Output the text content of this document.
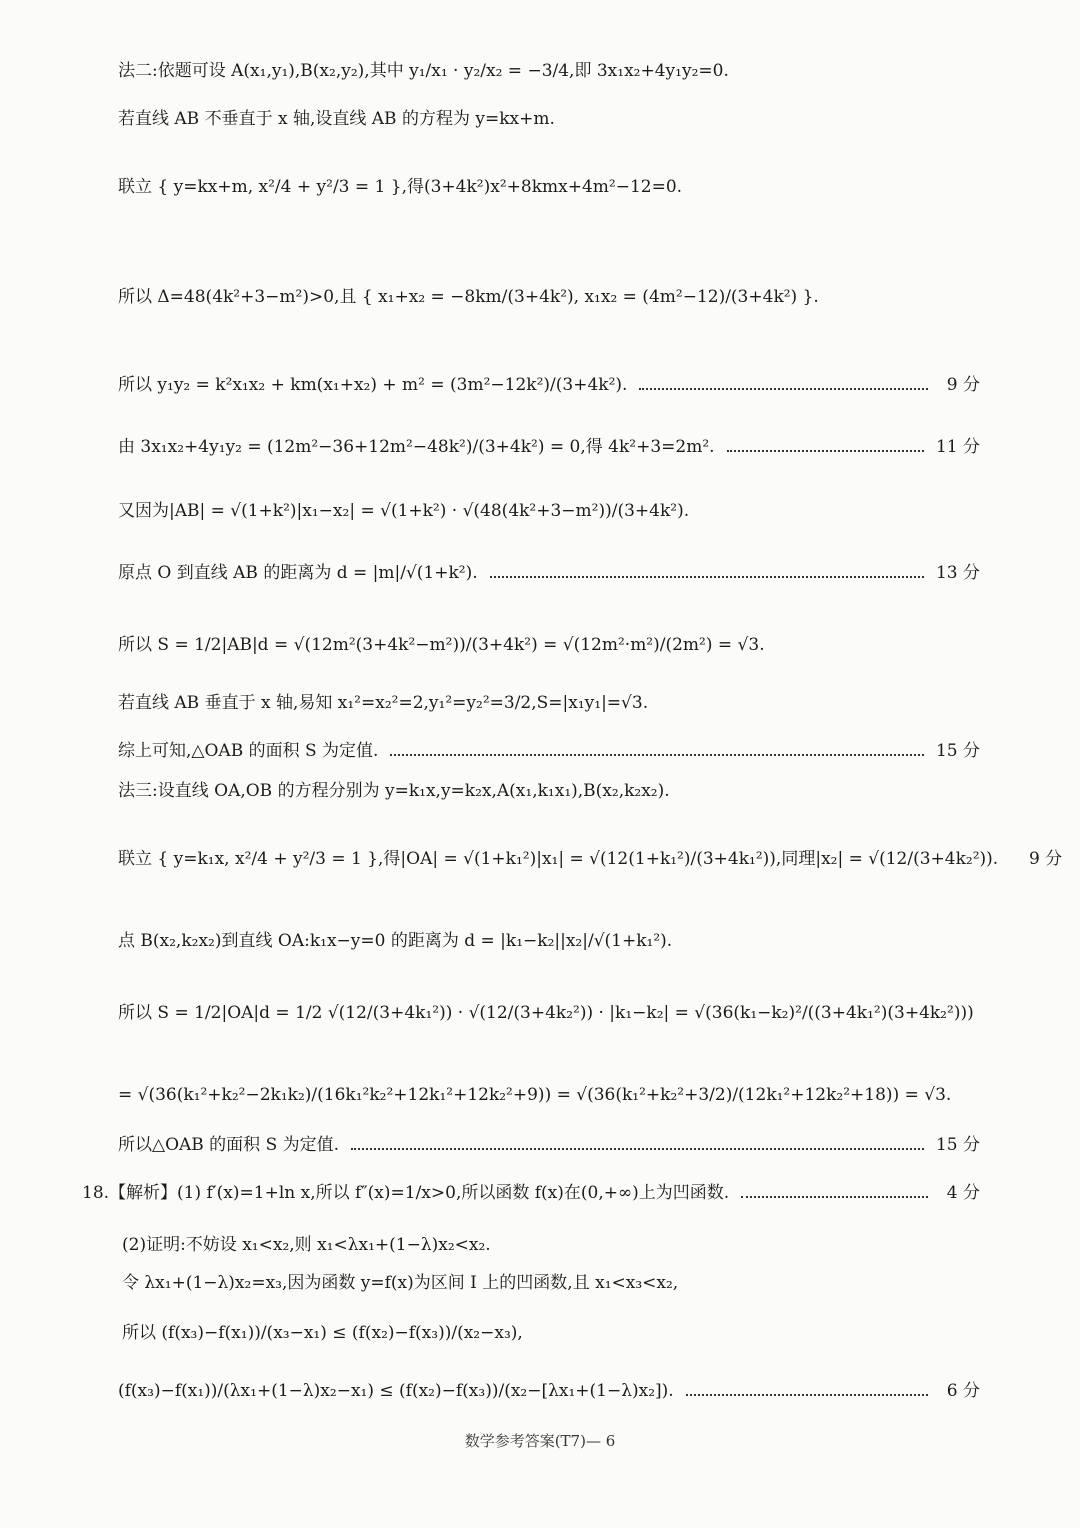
法二:依题可设 A(x₁,y₁),B(x₂,y₂),其中 y₁/x₁ · y₂/x₂ = −3/4,即 3x₁x₂+4y₁y₂=0.
若直线 AB 不垂直于 x 轴,设直线 AB 的方程为 y=kx+m.
联立 { y=kx+m, x²/4 + y²/3 = 1 },得(3+4k²)x²+8kmx+4m²−12=0.
所以 Δ=48(4k²+3−m²)>0,且 { x₁+x₂ = −8km/(3+4k²), x₁x₂ = (4m²−12)/(3+4k²) }.
所以 y₁y₂ = k²x₁x₂ + km(x₁+x₂) + m² = (3m²−12k²)/(3+4k²).	9 分
由 3x₁x₂+4y₁y₂ = (12m²−36+12m²−48k²)/(3+4k²) = 0,得 4k²+3=2m².	11 分
又因为|AB| = √(1+k²)|x₁−x₂| = √(1+k²) · √(48(4k²+3−m²))/(3+4k²).
原点 O 到直线 AB 的距离为 d = |m|/√(1+k²).	13 分
所以 S = 1/2|AB|d = √(12m²(3+4k²−m²))/(3+4k²) = √(12m²·m²)/(2m²) = √3.
若直线 AB 垂直于 x 轴,易知 x₁²=x₂²=2,y₁²=y₂²=3/2,S=|x₁y₁|=√3.
综上可知,△OAB 的面积 S 为定值.	15 分
法三:设直线 OA,OB 的方程分别为 y=k₁x,y=k₂x,A(x₁,k₁x₁),B(x₂,k₂x₂).
联立 { y=k₁x, x²/4 + y²/3 = 1 },得|OA| = √(1+k₁²)|x₁| = √(12(1+k₁²)/(3+4k₁²)),同理|x₂| = √(12/(3+4k₂²)).	9 分
点 B(x₂,k₂x₂)到直线 OA:k₁x−y=0 的距离为 d = |k₁−k₂||x₂|/√(1+k₁²).
所以 S = 1/2|OA|d = 1/2 √(12/(3+4k₁²)) · √(12/(3+4k₂²)) · |k₁−k₂| = √(36(k₁−k₂)²/((3+4k₁²)(3+4k₂²)))
= √(36(k₁²+k₂²−2k₁k₂)/(16k₁²k₂²+12k₁²+12k₂²+9)) = √(36(k₁²+k₂²+3/2)/(12k₁²+12k₂²+18)) = √3.
所以△OAB 的面积 S 为定值.	15 分
18.【解析】(1) f′(x)=1+ln x,所以 f″(x)=1/x>0,所以函数 f(x)在(0,+∞)上为凹函数.	4 分
(2)证明:不妨设 x₁<x₂,则 x₁<λx₁+(1−λ)x₂<x₂.
令 λx₁+(1−λ)x₂=x₃,因为函数 y=f(x)为区间 I 上的凹函数,且 x₁<x₃<x₂,
所以 (f(x₃)−f(x₁))/(x₃−x₁) ≤ (f(x₂)−f(x₃))/(x₂−x₃),
(f(x₃)−f(x₁))/(λx₁+(1−λ)x₂−x₁) ≤ (f(x₂)−f(x₃))/(x₂−[λx₁+(1−λ)x₂]).	6 分
数学参考答案(T7)— 6
